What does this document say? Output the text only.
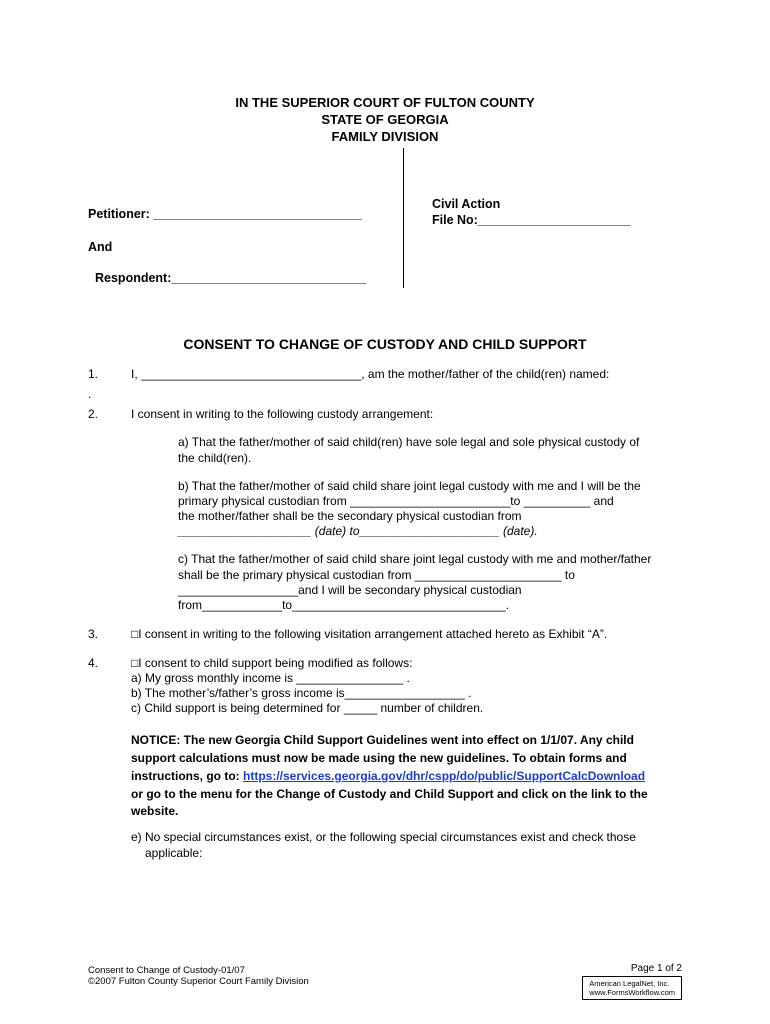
IN THE SUPERIOR COURT OF FULTON COUNTY
STATE OF GEORGIA
FAMILY DIVISION
Petitioner: ______________________________
And
Respondent:____________________________
Civil Action
File No:______________________
CONSENT TO CHANGE OF CUSTODY AND CHILD SUPPORT
1.	I, _________________________________, am the mother/father of the child(ren) named:
.
2.	I consent in writing to the following custody arrangement:
a) That the father/mother of said child(ren) have sole legal and sole physical custody of
the child(ren).
b) That the father/mother of said child share joint legal custody with me and I will be the
primary physical custodian from ________________________to __________ and
the mother/father shall be the secondary physical custodian from
____________________ (date) to_____________________ (date).
c) That the father/mother of said child share joint legal custody with me and mother/father
shall be the primary physical custodian from ______________________ to
__________________and I will be secondary physical custodian
from____________to________________________________.
3.	□I consent in writing to the following visitation arrangement attached hereto as Exhibit “A”.
4.	□I consent to child support being modified as follows:
a) My gross monthly income is ________________ .
b) The mother’s/father’s gross income is__________________ .
c) Child support is being determined for _____ number of children.
NOTICE: The new Georgia Child Support Guidelines went into effect on 1/1/07. Any child
support calculations must now be made using the new guidelines. To obtain forms and
instructions, go to: https://services.georgia.gov/dhr/cspp/do/public/SupportCalcDownload
or go to the menu for the Change of Custody and Child Support and click on the link to the
website.
e) No special circumstances exist, or the following special circumstances exist and check those
applicable:
Consent to Change of Custody-01/07
©2007 Fulton County Superior Court Family Division
Page 1 of 2
American LegalNet, Inc.
www.FormsWorkflow.com
